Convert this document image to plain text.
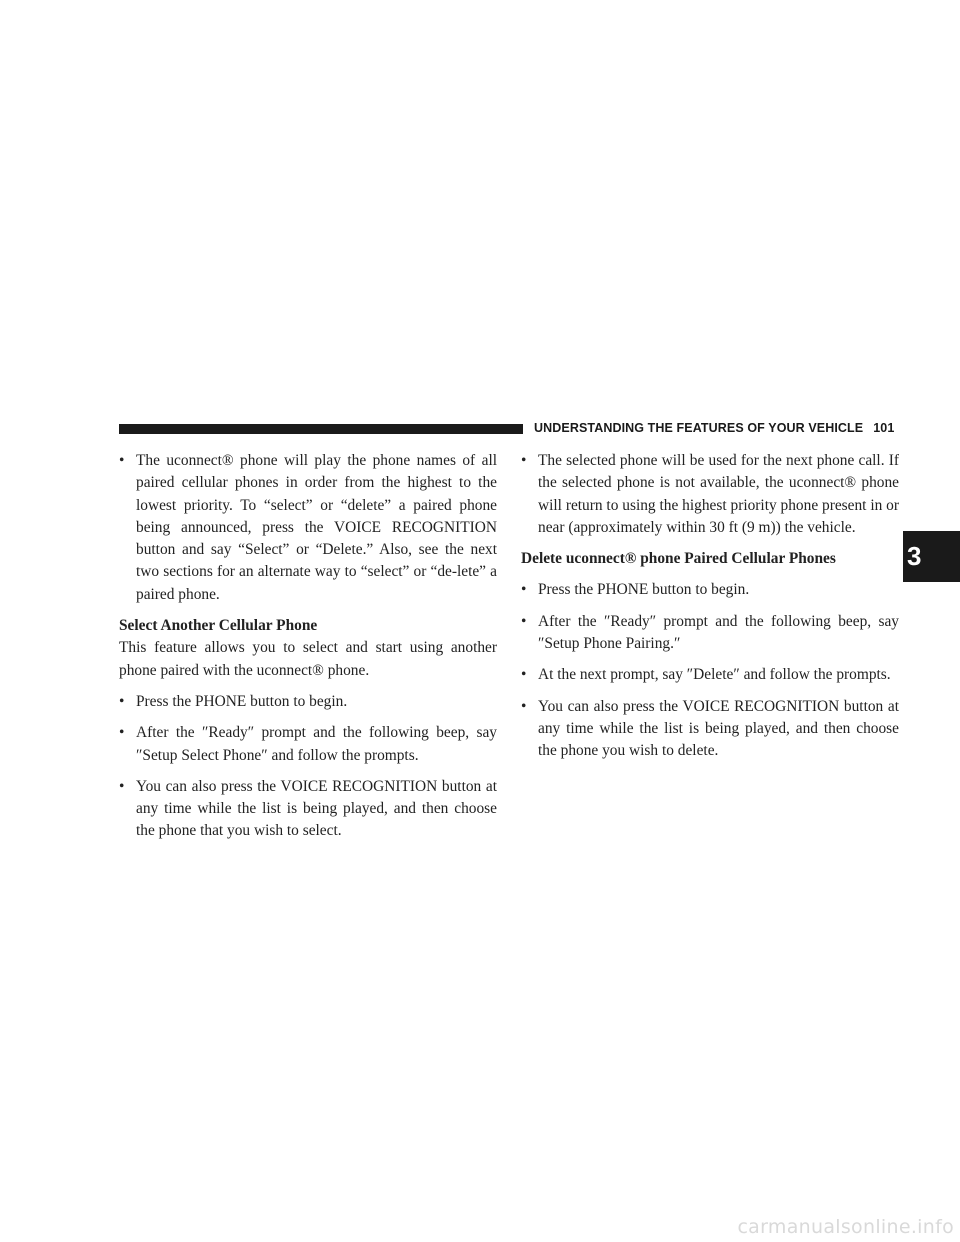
UNDERSTANDING THE FEATURES OF YOUR VEHICLE 101
• The uconnect® phone will play the phone names of all paired cellular phones in order from the highest to the lowest priority. To “select” or “delete” a paired phone being announced, press the VOICE RECOGNITION button and say “Select” or “Delete.” Also, see the next two sections for an alternate way to “select” or “de-lete” a paired phone.

Select Another Cellular Phone

This feature allows you to select and start using another phone paired with the uconnect® phone.

• Press the PHONE button to begin.
• After the ″Ready″ prompt and the following beep, say ″Setup Select Phone″ and follow the prompts.
• You can also press the VOICE RECOGNITION button at any time while the list is being played, and then choose the phone that you wish to select.
• The selected phone will be used for the next phone call. If the selected phone is not available, the uconnect® phone will return to using the highest priority phone present in or near (approximately within 30 ft (9 m)) the vehicle.

Delete uconnect® phone Paired Cellular Phones

• Press the PHONE button to begin.
• After the ″Ready″ prompt and the following beep, say ″Setup Phone Pairing.″
• At the next prompt, say ″Delete″ and follow the prompts.
• You can also press the VOICE RECOGNITION button at any time while the list is being played, and then choose the phone you wish to delete.
3
carmanualsonline.info
